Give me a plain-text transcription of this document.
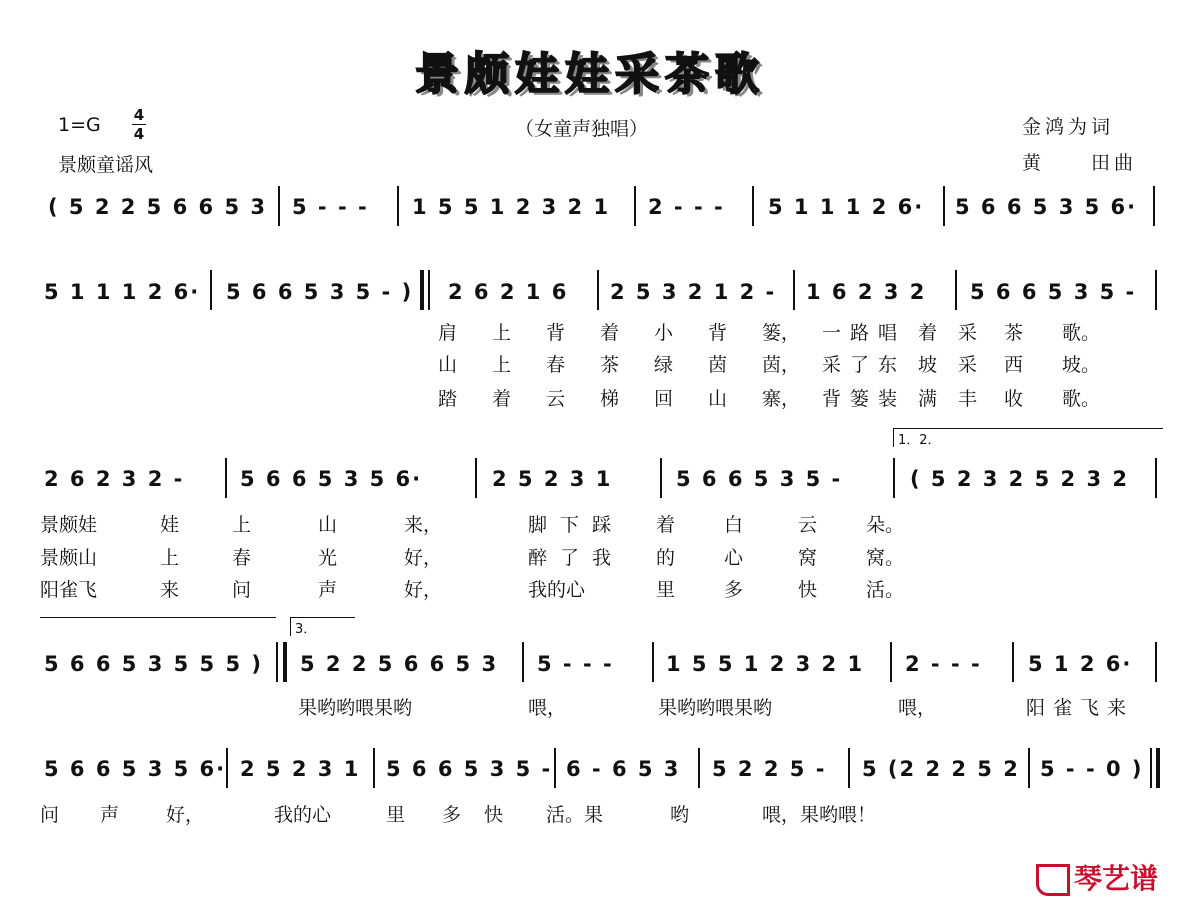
景颇娃娃采茶歌
1=G 4
4
景颇童谣风
（女童声独唱）	金鸿为词
黄　　田曲
( 5 2 2 5 6 6 5 3 5 - - - 1 5 5 1 2 3 2 1 2 - - - 5 1 1 1 2 6· 5 6 6 5 3 5 6·
5 1 1 1 2 6· 5 6 6 5 3 5 - ) 2 6 2 1 6 2 5 3 2 1 2 - 1 6 2 3 2 5 6 6 5 3 5 -
肩 上 背 着 小 背 篓， 一 路 唱 着 采 茶 歌。
山 上 春 茶 绿 茵 茵， 采 了 东 坡 采 西 坡。
踏 着 云 梯 回 山 寨， 背 篓 装 满 丰 收 歌。
1．2．
2 6 2 3 2 -	5 6 6 5 3 5 6·	2 5 2 3 1	5 6 6 5 3 5 -	( 5 2 3 2 5 2 3 2
景颇娃	娃	上	山	来，	脚 下 踩 着	白	云	朵。
景颇山	上	春	光	好，	醉 了 我 的	心	窝	窝。
阳雀飞	来	问	声	好，	我的心	里	多	快	活。
3．
5 6 6 5 3 5 5 5 ) 5 2 2 5 6 6 5 3 5 - - - 1 5 5 1 2 3 2 1 2 - - - 5 1 2 6·
果哟哟喂果哟	喂，	果哟哟喂果哟	喂，	阳雀飞来
5 6 6 5 3 5 6· 2 5 2 3 1 5 6 6 5 3 5 - 6 - 6 5 3 5 2 2 5 - 5 (2 2 2 5 2 5 - - 0 )
问 声 好，	我的心	里 多 快 活。果	哟	喂，果哟喂！
琴艺谱
